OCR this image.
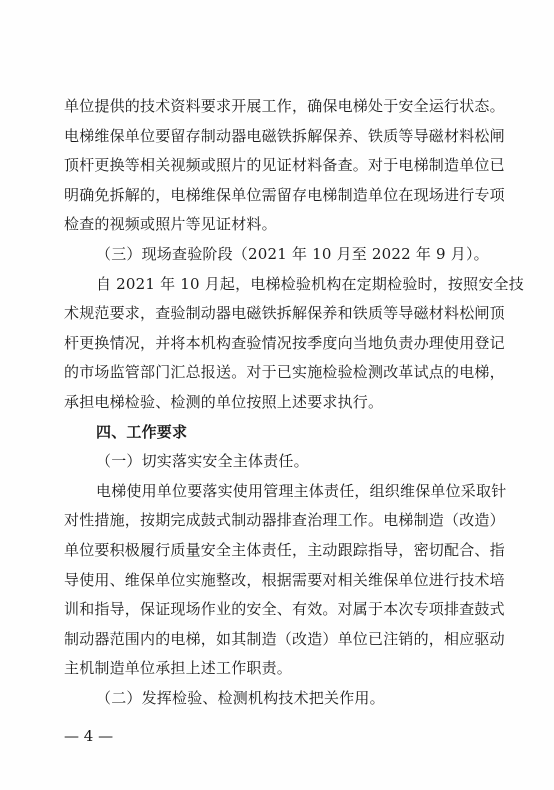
单位提供的技术资料要求开展工作，确保电梯处于安全运行状态。
电梯维保单位要留存制动器电磁铁拆解保养、铁质等导磁材料松闸
顶杆更换等相关视频或照片的见证材料备查。对于电梯制造单位已
明确免拆解的，电梯维保单位需留存电梯制造单位在现场进行专项
检查的视频或照片等见证材料。
（三）现场查验阶段（2021 年 10 月至 2022 年 9 月）。
自 2021 年 10 月起，电梯检验机构在定期检验时，按照安全技
术规范要求，查验制动器电磁铁拆解保养和铁质等导磁材料松闸顶
杆更换情况，并将本机构查验情况按季度向当地负责办理使用登记
的市场监管部门汇总报送。对于已实施检验检测改革试点的电梯，
承担电梯检验、检测的单位按照上述要求执行。
四、工作要求
（一）切实落实安全主体责任。
电梯使用单位要落实使用管理主体责任，组织维保单位采取针
对性措施，按期完成鼓式制动器排查治理工作。电梯制造（改造）
单位要积极履行质量安全主体责任，主动跟踪指导，密切配合、指
导使用、维保单位实施整改，根据需要对相关维保单位进行技术培
训和指导，保证现场作业的安全、有效。对属于本次专项排查鼓式
制动器范围内的电梯，如其制造（改造）单位已注销的，相应驱动
主机制造单位承担上述工作职责。
（二）发挥检验、检测机构技术把关作用。
— 4 —
